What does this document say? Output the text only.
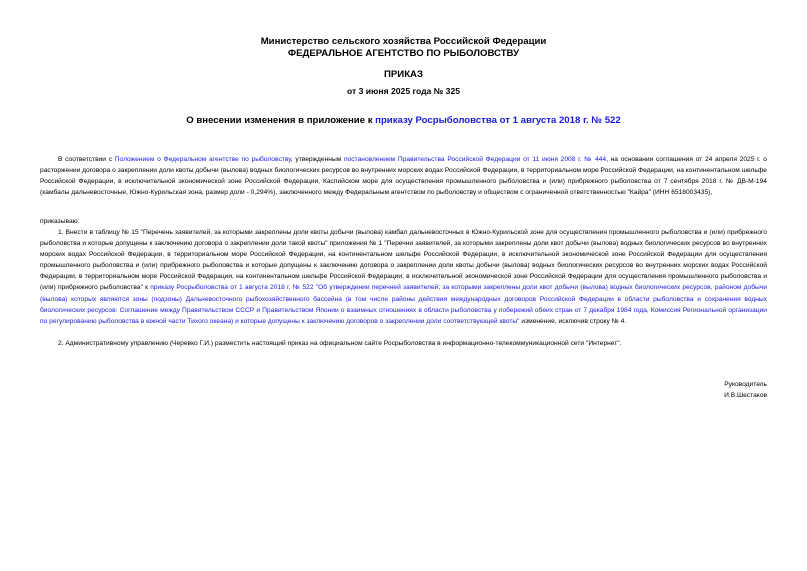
Министерство сельского хозяйства Российской Федерации
ФЕДЕРАЛЬНОЕ АГЕНТСТВО ПО РЫБОЛОВСТВУ
ПРИКАЗ
от 3 июня 2025 года № 325
О внесении изменения в приложение к приказу Росрыболовства от 1 августа 2018 г. № 522
В соответствии с Положением о Федеральном агентстве по рыболовству, утвержденным постановлением Правительства Российской Федерации от 11 июня 2008 г. № 444, на основании соглашения от 24 апреля 2025 г. о расторжении договора о закреплении доли квоты добычи (вылова) водных биологических ресурсов во внутренних морских водах Российской Федерации, в территориальном море Российской Федерации, на континентальном шельфе Российской Федерации, в исключительной экономической зоне Российской Федерации, Каспийском море для осуществления промышленного рыболовства и (или) прибрежного рыболовства от 7 сентября 2018 г. № ДВ-М-194 (камбалы дальневосточные, Южно-Курильская зона, размер доли - 0,294%), заключенного между Федеральным агентством по рыболовству и обществом с ограниченной ответственностью "Кайра" (ИНН 6518003435),
приказываю:
1. Внести в таблицу № 15 "Перечень заявителей, за которыми закреплены доли квоты добычи (вылова) камбал дальневосточных в Южно-Курильской зоне для осуществления промышленного рыболовства и (или) прибрежного рыболовства и которые допущены к заключению договора о закреплении доли такой квоты" приложения № 1 "Перечни заявителей, за которыми закреплены доли квот добычи (вылова) водных биологических ресурсов во внутренних морских водах Российской Федерации, в территориальном море Российской Федерации, на континентальном шельфе Российской Федерации, в исключительной экономической зоне Российской Федерации для осуществления промышленного рыболовства и (или) прибрежного рыболовства и которые допущены к заключению договора о закреплении доли квоты добычи (вылова) водных биологических ресурсов во внутренних морских водах Российской Федерации, в территориальном море Российской Федерации, на континентальном шельфе Российской Федерации, в исключительной экономической зоне Российской Федерации для осуществления промышленного рыболовства и (или) прибрежного рыболовства" к приказу Росрыболовства от 1 августа 2018 г. № 522 "Об утверждении перечней заявителей, за которыми закреплены доли квот добычи (вылова) водных биологических ресурсов, районом добычи (вылова) которых являются зоны (подзоны) Дальневосточного рыбохозяйственного бассейна (в том числе районы действия международных договоров Российской Федерации в области рыболовства и сохранения водных биологических ресурсов: Соглашение между Правительством СССР и Правительством Японии о взаимных отношениях в области рыболовства у побережий обеих стран от 7 декабря 1984 года, Комиссия Региональной организации по регулированию рыболовства в южной части Тихого океана) и которые допущены к заключению договоров о закреплении доли соответствующей квоты" изменение, исключив строку № 4.
2. Административному управлению (Черевко Г.И.) разместить настоящий приказ на официальном сайте Росрыболовства в информационно-телекоммуникационной сети "Интернет".
Руководитель
И.В.Шестаков
